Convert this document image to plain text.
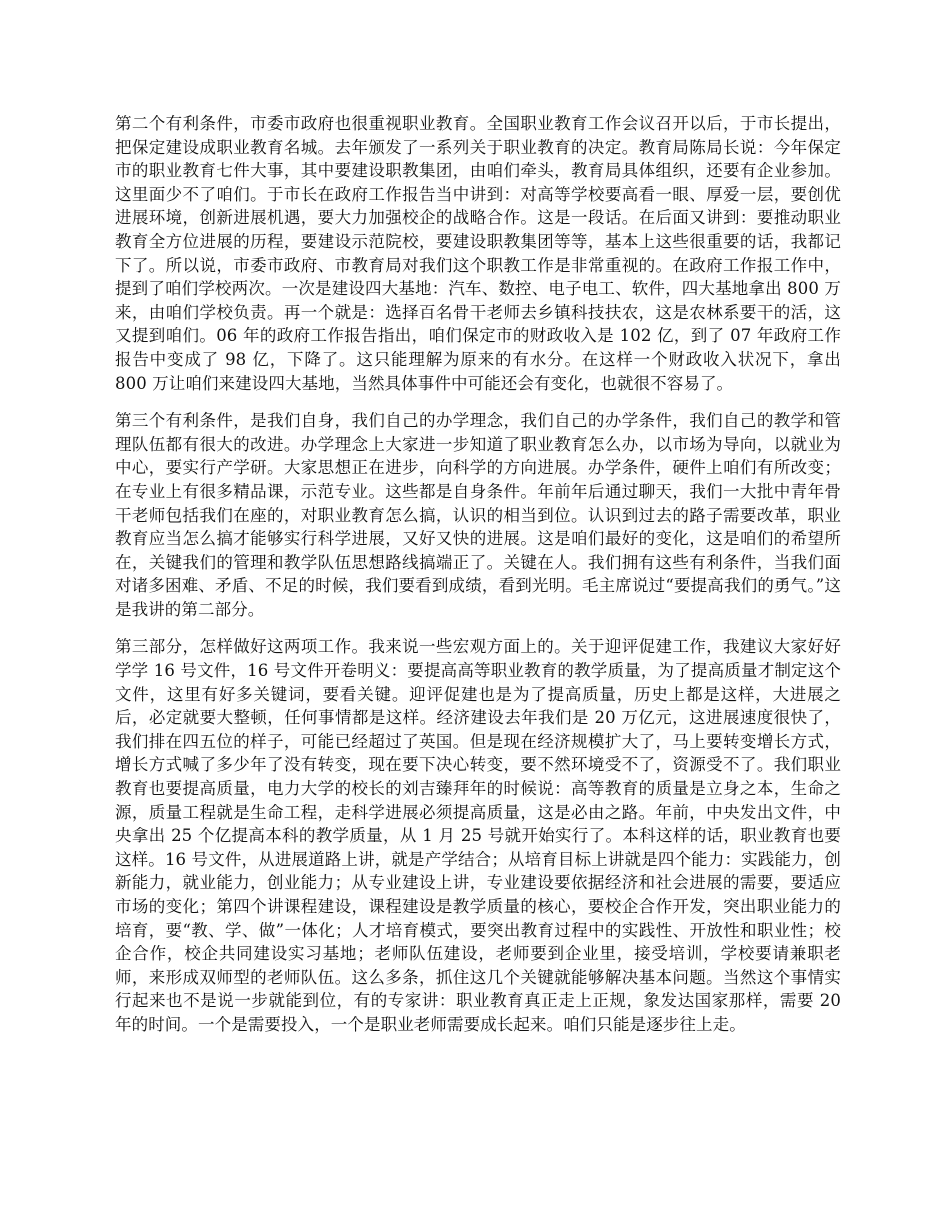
第二个有利条件，市委市政府也很重视职业教育。全国职业教育工作会议召开以后，于市长提出，把保定建设成职业教育名城。去年颁发了一系列关于职业教育的决定。教育局陈局长说：今年保定市的职业教育七件大事，其中要建设职教集团，由咱们牵头，教育局具体组织，还要有企业参加。这里面少不了咱们。于市长在政府工作报告当中讲到：对高等学校要高看一眼、厚爱一层，要创优进展环境，创新进展机遇，要大力加强校企的战略合作。这是一段话。在后面又讲到：要推动职业教育全方位进展的历程，要建设示范院校，要建设职教集团等等，基本上这些很重要的话，我都记下了。所以说，市委市政府、市教育局对我们这个职教工作是非常重视的。在政府工作报工作中，提到了咱们学校两次。一次是建设四大基地：汽车、数控、电子电工、软件，四大基地拿出 800 万来，由咱们学校负责。再一个就是：选择百名骨干老师去乡镇科技扶农，这是农林系要干的活，这又提到咱们。06 年的政府工作报告指出，咱们保定市的财政收入是 102 亿，到了 07 年政府工作报告中变成了 98 亿，下降了。这只能理解为原来的有水分。在这样一个财政收入状况下，拿出 800 万让咱们来建设四大基地，当然具体事件中可能还会有变化，也就很不容易了。

第三个有利条件，是我们自身，我们自己的办学理念，我们自己的办学条件，我们自己的教学和管理队伍都有很大的改进。办学理念上大家进一步知道了职业教育怎么办，以市场为导向，以就业为中心，要实行产学研。大家思想正在进步，向科学的方向进展。办学条件，硬件上咱们有所改变；在专业上有很多精品课，示范专业。这些都是自身条件。年前年后通过聊天，我们一大批中青年骨干老师包括我们在座的，对职业教育怎么搞，认识的相当到位。认识到过去的路子需要改革，职业教育应当怎么搞才能够实行科学进展，又好又快的进展。这是咱们最好的变化，这是咱们的希望所在，关键我们的管理和教学队伍思想路线搞端正了。关键在人。我们拥有这些有利条件，当我们面对诸多困难、矛盾、不足的时候，我们要看到成绩，看到光明。毛主席说过“要提高我们的勇气。”这是我讲的第二部分。

第三部分，怎样做好这两项工作。我来说一些宏观方面上的。关于迎评促建工作，我建议大家好好学学 16 号文件，16 号文件开卷明义：要提高高等职业教育的教学质量，为了提高质量才制定这个文件，这里有好多关键词，要看关键。迎评促建也是为了提高质量，历史上都是这样，大进展之后，必定就要大整顿，任何事情都是这样。经济建设去年我们是 20 万亿元，这进展速度很快了，我们排在四五位的样子，可能已经超过了英国。但是现在经济规模扩大了，马上要转变增长方式，增长方式喊了多少年了没有转变，现在要下决心转变，要不然环境受不了，资源受不了。我们职业教育也要提高质量，电力大学的校长的刘吉臻拜年的时候说：高等教育的质量是立身之本，生命之源，质量工程就是生命工程，走科学进展必须提高质量，这是必由之路。年前，中央发出文件，中央拿出 25 个亿提高本科的教学质量，从 1 月 25 号就开始实行了。本科这样的话，职业教育也要这样。16 号文件，从进展道路上讲，就是产学结合；从培育目标上讲就是四个能力：实践能力，创新能力，就业能力，创业能力；从专业建设上讲，专业建设要依据经济和社会进展的需要，要适应市场的变化；第四个讲课程建设，课程建设是教学质量的核心，要校企合作开发，突出职业能力的培育，要“教、学、做”一体化；人才培育模式，要突出教育过程中的实践性、开放性和职业性；校企合作，校企共同建设实习基地；老师队伍建设，老师要到企业里，接受培训，学校要请兼职老师，来形成双师型的老师队伍。这么多条，抓住这几个关键就能够解决基本问题。当然这个事情实行起来也不是说一步就能到位，有的专家讲：职业教育真正走上正规，象发达国家那样，需要 20 年的时间。一个是需要投入，一个是职业老师需要成长起来。咱们只能是逐步往上走。
